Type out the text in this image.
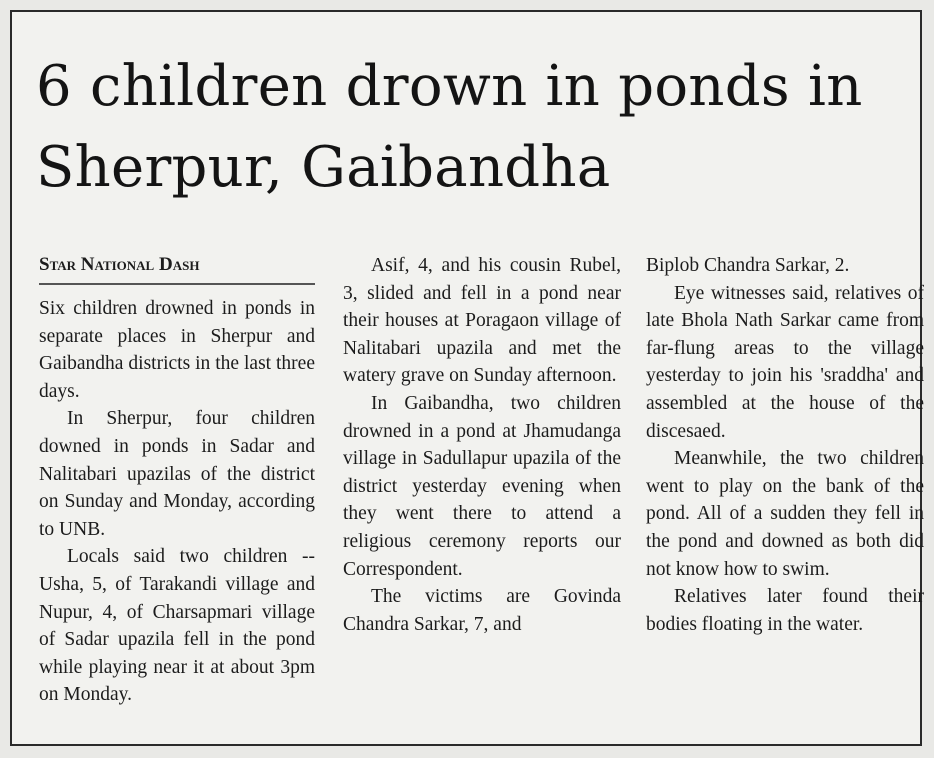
6 children drown in ponds in Sherpur, Gaibandha
Star National Dash

Six children drowned in ponds in separate places in Sherpur and Gaibandha districts in the last three days.

In Sherpur, four children downed in ponds in Sadar and Nalitabari upazilas of the district on Sunday and Monday, according to UNB.

Locals said two children -- Usha, 5, of Tarakandi village and Nupur, 4, of Charsapmari village of Sadar upazila fell in the pond while playing near it at about 3pm on Monday.

Asif, 4, and his cousin Rubel, 3, slided and fell in a pond near their houses at Poragaon village of Nalitabari upazila and met the watery grave on Sunday afternoon.

In Gaibandha, two children drowned in a pond at Jhamudanga village in Sadullapur upazila of the district yesterday evening when they went there to attend a religious ceremony reports our Correspondent.

The victims are Govinda Chandra Sarkar, 7, and

Biplob Chandra Sarkar, 2.

Eye witnesses said, relatives of late Bhola Nath Sarkar came from far-flung areas to the village yesterday to join his 'sraddha' and assembled at the house of the discesaed.

Meanwhile, the two children went to play on the bank of the pond. All of a sudden they fell in the pond and downed as both did not know how to swim.

Relatives later found their bodies floating in the water.
